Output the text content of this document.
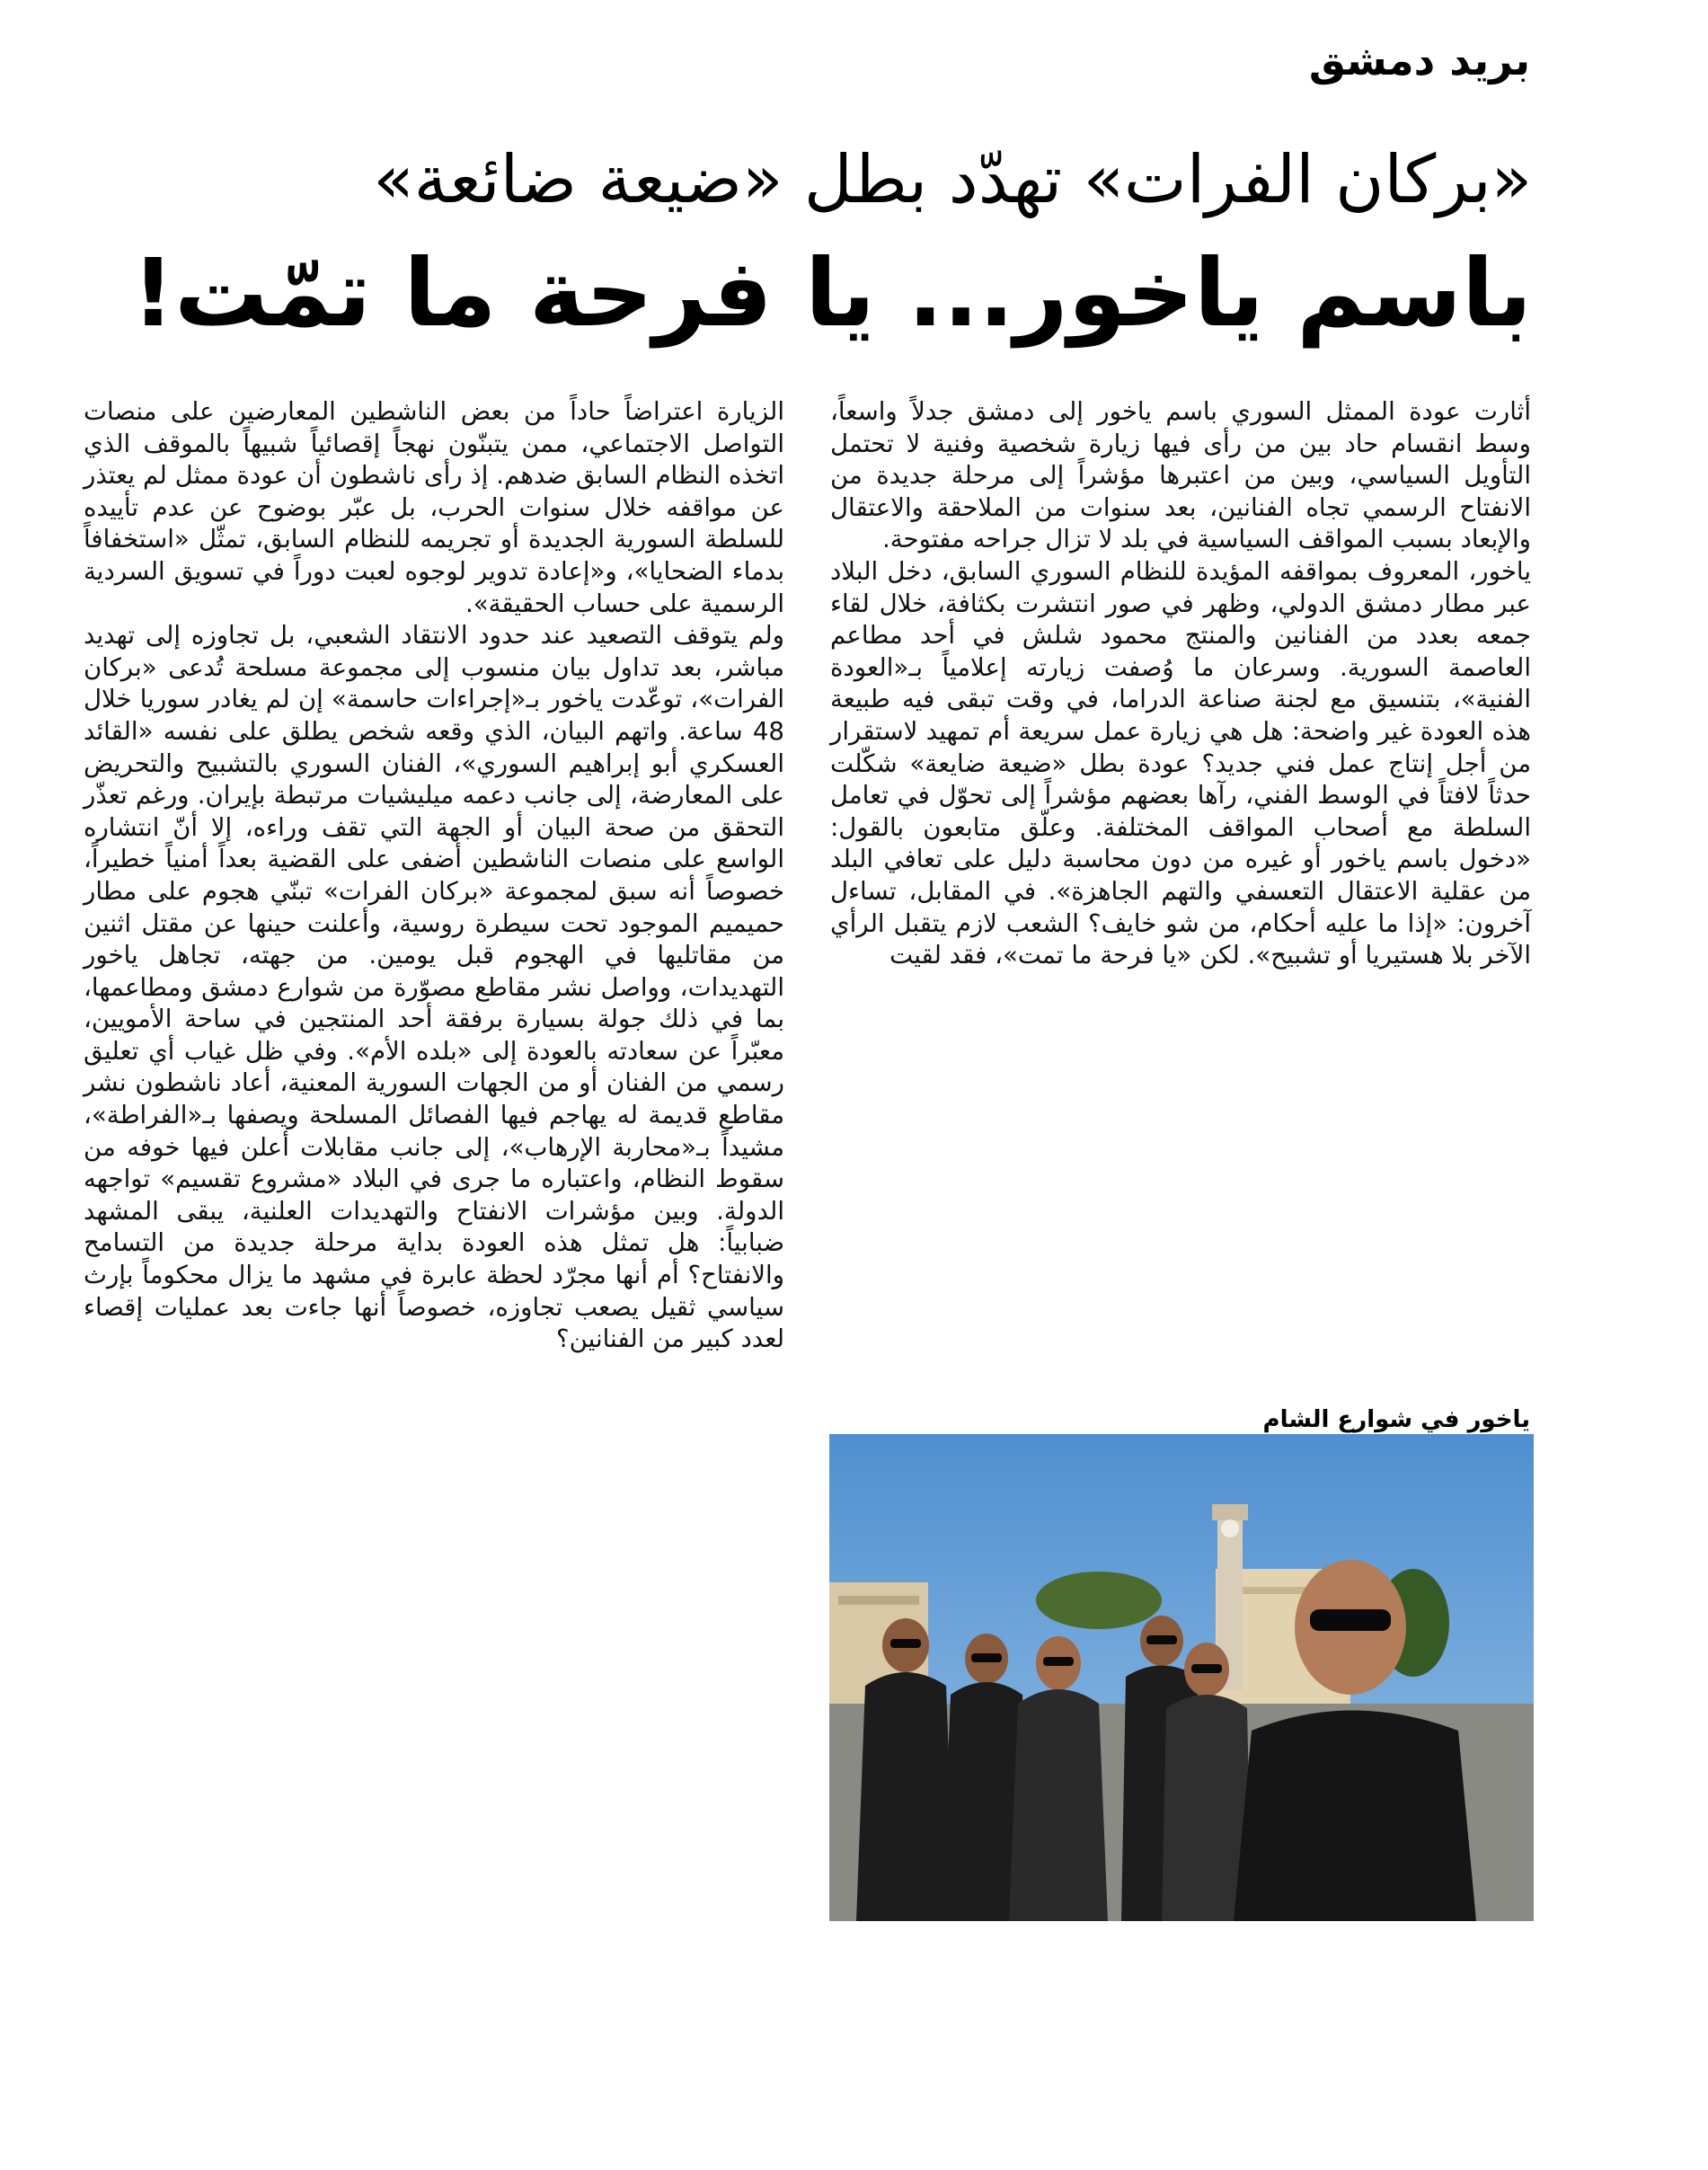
بريد دمشق
«بركان الفرات» تهدّد بطل «ضيعة ضائعة»
باسم ياخور... يا فرحة ما تمّت!

أثارت عودة الممثل السوري باسم ياخور إلى دمشق جدلاً واسعاً، وسط انقسام حاد بين من رأى فيها زيارة شخصية وفنية لا تحتمل التأويل السياسي، وبين من اعتبرها مؤشراً إلى مرحلة جديدة من الانفتاح الرسمي تجاه الفنانين، بعد سنوات من الملاحقة والاعتقال والإبعاد بسبب المواقف السياسية في بلد لا تزال جراحه مفتوحة.

ياخور، المعروف بمواقفه المؤيدة للنظام السوري السابق، دخل البلاد عبر مطار دمشق الدولي، وظهر في صور انتشرت بكثافة، خلال لقاء جمعه بعدد من الفنانين والمنتج محمود شلش في أحد مطاعم العاصمة السورية. وسرعان ما وُصفت زيارته إعلامياً بـ«العودة الفنية»، بتنسيق مع لجنة صناعة الدراما، في وقت تبقى فيه طبيعة هذه العودة غير واضحة: هل هي زيارة عمل سريعة أم تمهيد لاستقرار من أجل إنتاج عمل فني جديد؟ عودة بطل «ضيعة ضايعة» شكّلت حدثاً لافتاً في الوسط الفني، رآها بعضهم مؤشراً إلى تحوّل في تعامل السلطة مع أصحاب المواقف المختلفة. وعلّق متابعون بالقول: «دخول باسم ياخور أو غيره من دون محاسبة دليل على تعافي البلد من عقلية الاعتقال التعسفي والتهم الجاهزة». في المقابل، تساءل آخرون: «إذا ما عليه أحكام، من شو خايف؟ الشعب لازم يتقبل الرأي الآخر بلا هستيريا أو تشبيح». لكن «يا فرحة ما تمت»، فقد لقيت

الزيارة اعتراضاً حاداً من بعض الناشطين المعارضين على منصات التواصل الاجتماعي، ممن يتبنّون نهجاً إقصائياً شبيهاً بالموقف الذي اتخذه النظام السابق ضدهم. إذ رأى ناشطون أن عودة ممثل لم يعتذر عن مواقفه خلال سنوات الحرب، بل عبّر بوضوح عن عدم تأييده للسلطة السورية الجديدة أو تجريمه للنظام السابق، تمثّل «استخفافاً بدماء الضحايا»، و«إعادة تدوير لوجوه لعبت دوراً في تسويق السردية الرسمية على حساب الحقيقة».

ولم يتوقف التصعيد عند حدود الانتقاد الشعبي، بل تجاوزه إلى تهديد مباشر، بعد تداول بيان منسوب إلى مجموعة مسلحة تُدعى «بركان الفرات»، توعّدت ياخور بـ«إجراءات حاسمة» إن لم يغادر سوريا خلال 48 ساعة. واتهم البيان، الذي وقعه شخص يطلق على نفسه «القائد العسكري أبو إبراهيم السوري»، الفنان السوري بالتشبيح والتحريض على المعارضة، إلى جانب دعمه ميليشيات مرتبطة بإيران. ورغم تعذّر التحقق من صحة البيان أو الجهة التي تقف وراءه، إلا أنّ انتشاره الواسع على منصات الناشطين أضفى على القضية بعداً أمنياً خطيراً، خصوصاً أنه سبق لمجموعة «بركان الفرات» تبنّي هجوم على مطار حميميم الموجود تحت سيطرة روسية، وأعلنت حينها عن مقتل اثنين من مقاتليها في الهجوم قبل يومين. من جهته، تجاهل ياخور التهديدات، وواصل نشر مقاطع مصوّرة من شوارع دمشق ومطاعمها، بما في ذلك جولة بسيارة برفقة أحد المنتجين في ساحة الأمويين، معبّراً عن سعادته بالعودة إلى «بلده الأم». وفي ظل غياب أي تعليق رسمي من الفنان أو من الجهات السورية المعنية، أعاد ناشطون نشر مقاطع قديمة له يهاجم فيها الفصائل المسلحة ويصفها بـ«الفراطة»، مشيداً بـ«محاربة الإرهاب»، إلى جانب مقابلات أعلن فيها خوفه من سقوط النظام، واعتباره ما جرى في البلاد «مشروع تقسيم» تواجهه الدولة. وبين مؤشرات الانفتاح والتهديدات العلنية، يبقى المشهد ضبابياً: هل تمثل هذه العودة بداية مرحلة جديدة من التسامح والانفتاح؟ أم أنها مجرّد لحظة عابرة في مشهد ما يزال محكوماً بإرث سياسي ثقيل يصعب تجاوزه، خصوصاً أنها جاءت بعد عمليات إقصاء لعدد كبير من الفنانين؟

ياخور في شوارع الشام
